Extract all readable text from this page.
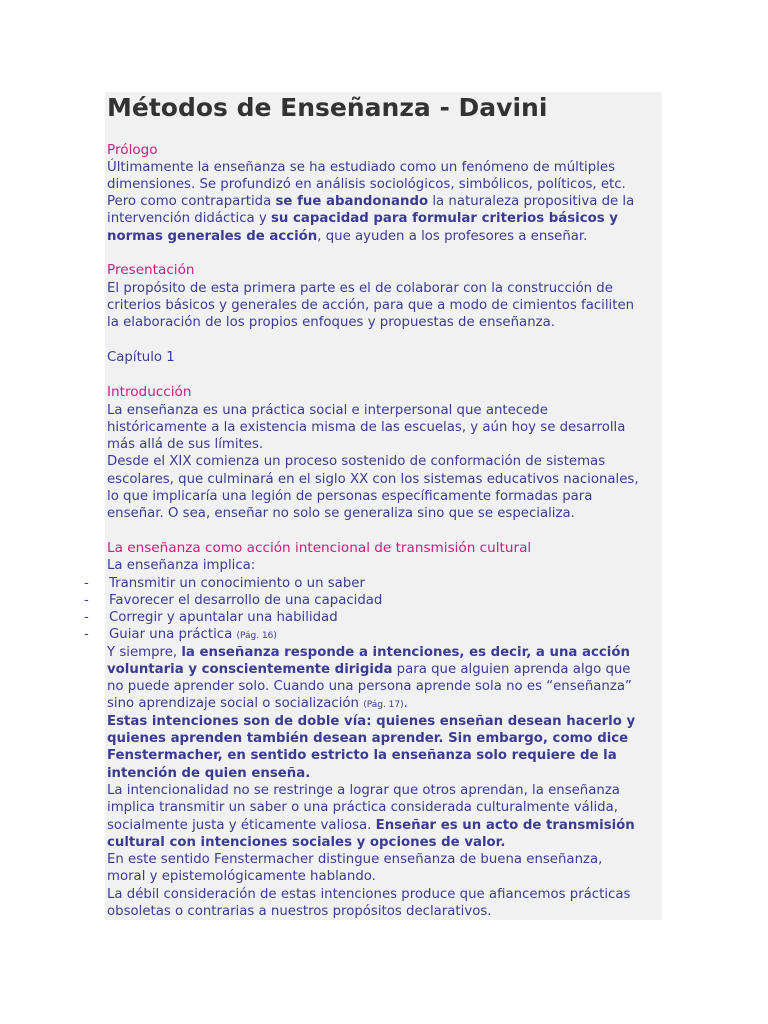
Métodos de Enseñanza - Davini
Prólogo
Últimamente la enseñanza se ha estudiado como un fenómeno de múltiples
dimensiones. Se profundizó en análisis sociológicos, simbólicos, políticos, etc.
Pero como contrapartida se fue abandonando la naturaleza propositiva de la
intervención didáctica y su capacidad para formular criterios básicos y
normas generales de acción, que ayuden a los profesores a enseñar.
Presentación
El propósito de esta primera parte es el de colaborar con la construcción de
criterios básicos y generales de acción, para que a modo de cimientos faciliten
la elaboración de los propios enfoques y propuestas de enseñanza.
Capítulo 1
Introducción
La enseñanza es una práctica social e interpersonal que antecede
históricamente a la existencia misma de las escuelas, y aún hoy se desarrolla
más allá de sus límites.
Desde el XIX comienza un proceso sostenido de conformación de sistemas
escolares, que culminará en el siglo XX con los sistemas educativos nacionales,
lo que implicaría una legión de personas específicamente formadas para
enseñar. O sea, enseñar no solo se generaliza sino que se especializa.
La enseñanza como acción intencional de transmisión cultural
La enseñanza implica:
- Transmitir un conocimiento o un saber
- Favorecer el desarrollo de una capacidad
- Corregir y apuntalar una habilidad
- Guiar una práctica (Pág. 16)
Y siempre, la enseñanza responde a intenciones, es decir, a una acción
voluntaria y conscientemente dirigida para que alguien aprenda algo que
no puede aprender solo. Cuando una persona aprende sola no es “enseñanza”
sino aprendizaje social o socialización (Pág. 17).
Estas intenciones son de doble vía: quienes enseñan desean hacerlo y
quienes aprenden también desean aprender. Sin embargo, como dice
Fenstermacher, en sentido estricto la enseñanza solo requiere de la
intención de quien enseña.
La intencionalidad no se restringe a lograr que otros aprendan, la enseñanza
implica transmitir un saber o una práctica considerada culturalmente válida,
socialmente justa y éticamente valiosa. Enseñar es un acto de transmisión
cultural con intenciones sociales y opciones de valor.
En este sentido Fenstermacher distingue enseñanza de buena enseñanza,
moral y epistemológicamente hablando.
La débil consideración de estas intenciones produce que afiancemos prácticas
obsoletas o contrarias a nuestros propósitos declarativos.
